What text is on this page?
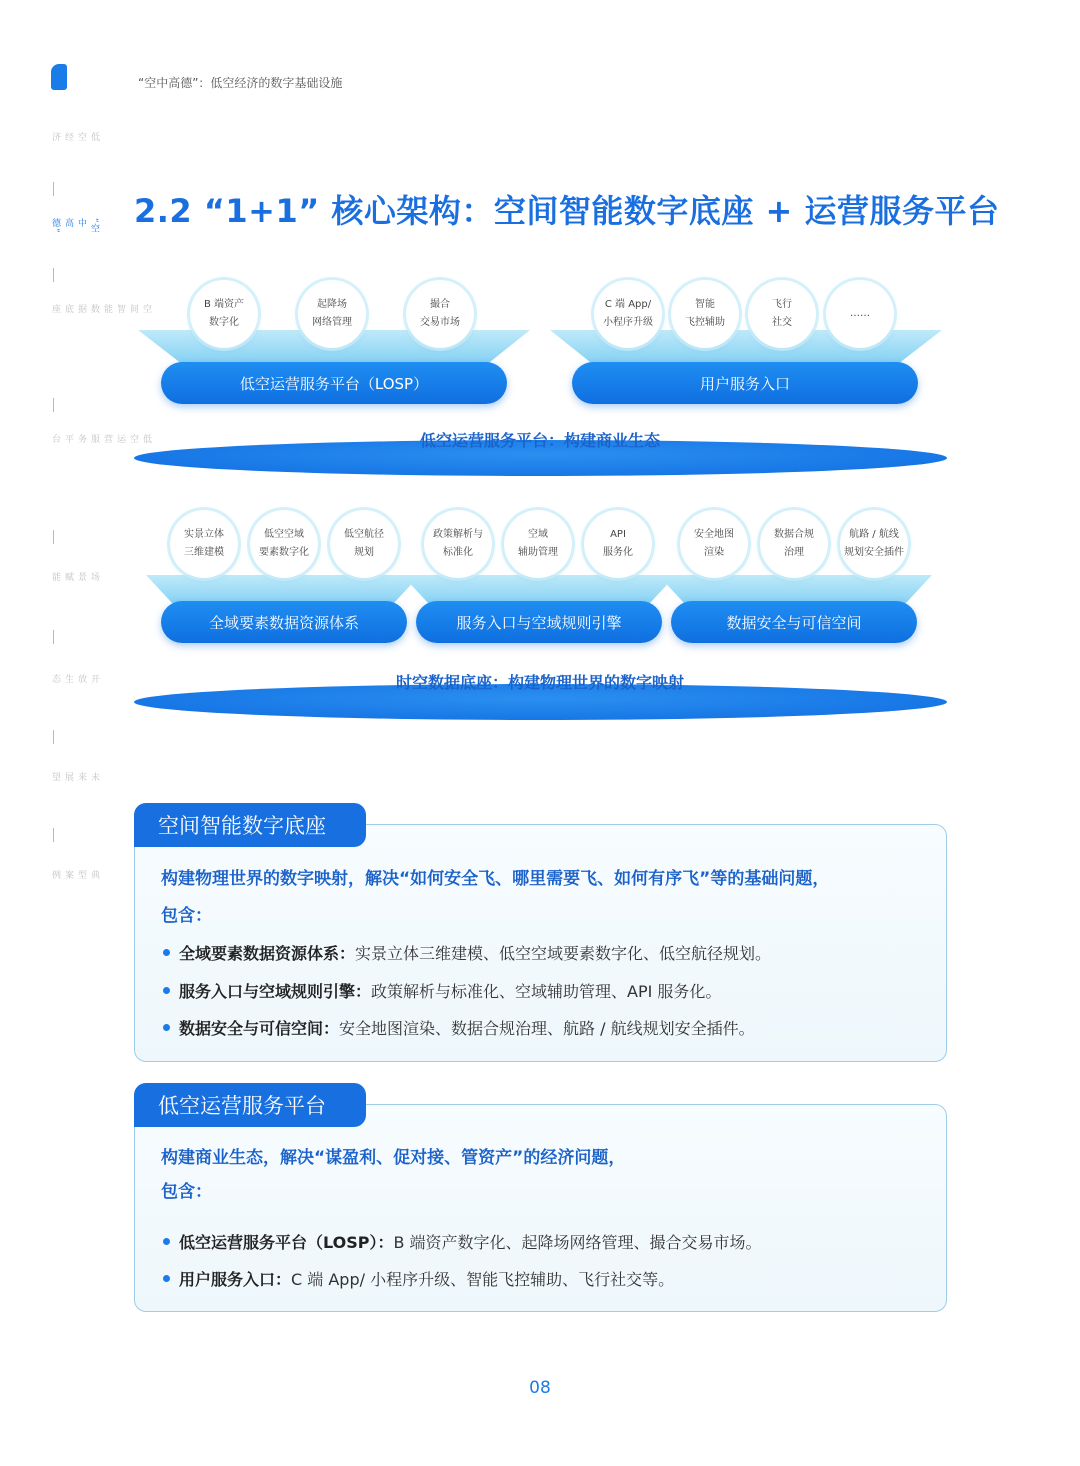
“空中高德”：低空经济的数字基础设施
低空经济
“空中高德”
空间智能数据底座
低空运营服务平台
场景赋能
开放生态
未来展望
典型案例
2.2 “1+1” 核心架构：空间智能数字底座 + 运营服务平台
B 端资产
数字化
起降场
网络管理
撮合
交易市场
C 端 App/
小程序升级
智能
飞控辅助
飞行
社交
……
低空运营服务平台（LOSP）	用户服务入口
低空运营服务平台：构建商业生态
实景立体
三维建模
低空空域
要素数字化
低空航径
规划
政策解析与
标准化
空域
辅助管理
API
服务化
安全地图
渲染
数据合规
治理
航路 / 航线
规划安全插件
全域要素数据资源体系	服务入口与空域规则引擎	数据安全与可信空间
时空数据底座：构建物理世界的数字映射
构建物理世界的数字映射，解决“如何安全飞、哪里需要飞、如何有序飞”等的基础问题，
包含：
全域要素数据资源体系：实景立体三维建模、低空空域要素数字化、低空航径规划。
服务入口与空域规则引擎：政策解析与标准化、空域辅助管理、API 服务化。
数据安全与可信空间：安全地图渲染、数据合规治理、航路 / 航线规划安全插件。
空间智能数字底座
构建商业生态，解决“谋盈利、促对接、管资产”的经济问题，
包含：
低空运营服务平台（LOSP）：B 端资产数字化、起降场网络管理、撮合交易市场。
用户服务入口：C 端 App/ 小程序升级、智能飞控辅助、飞行社交等。
低空运营服务平台
08
